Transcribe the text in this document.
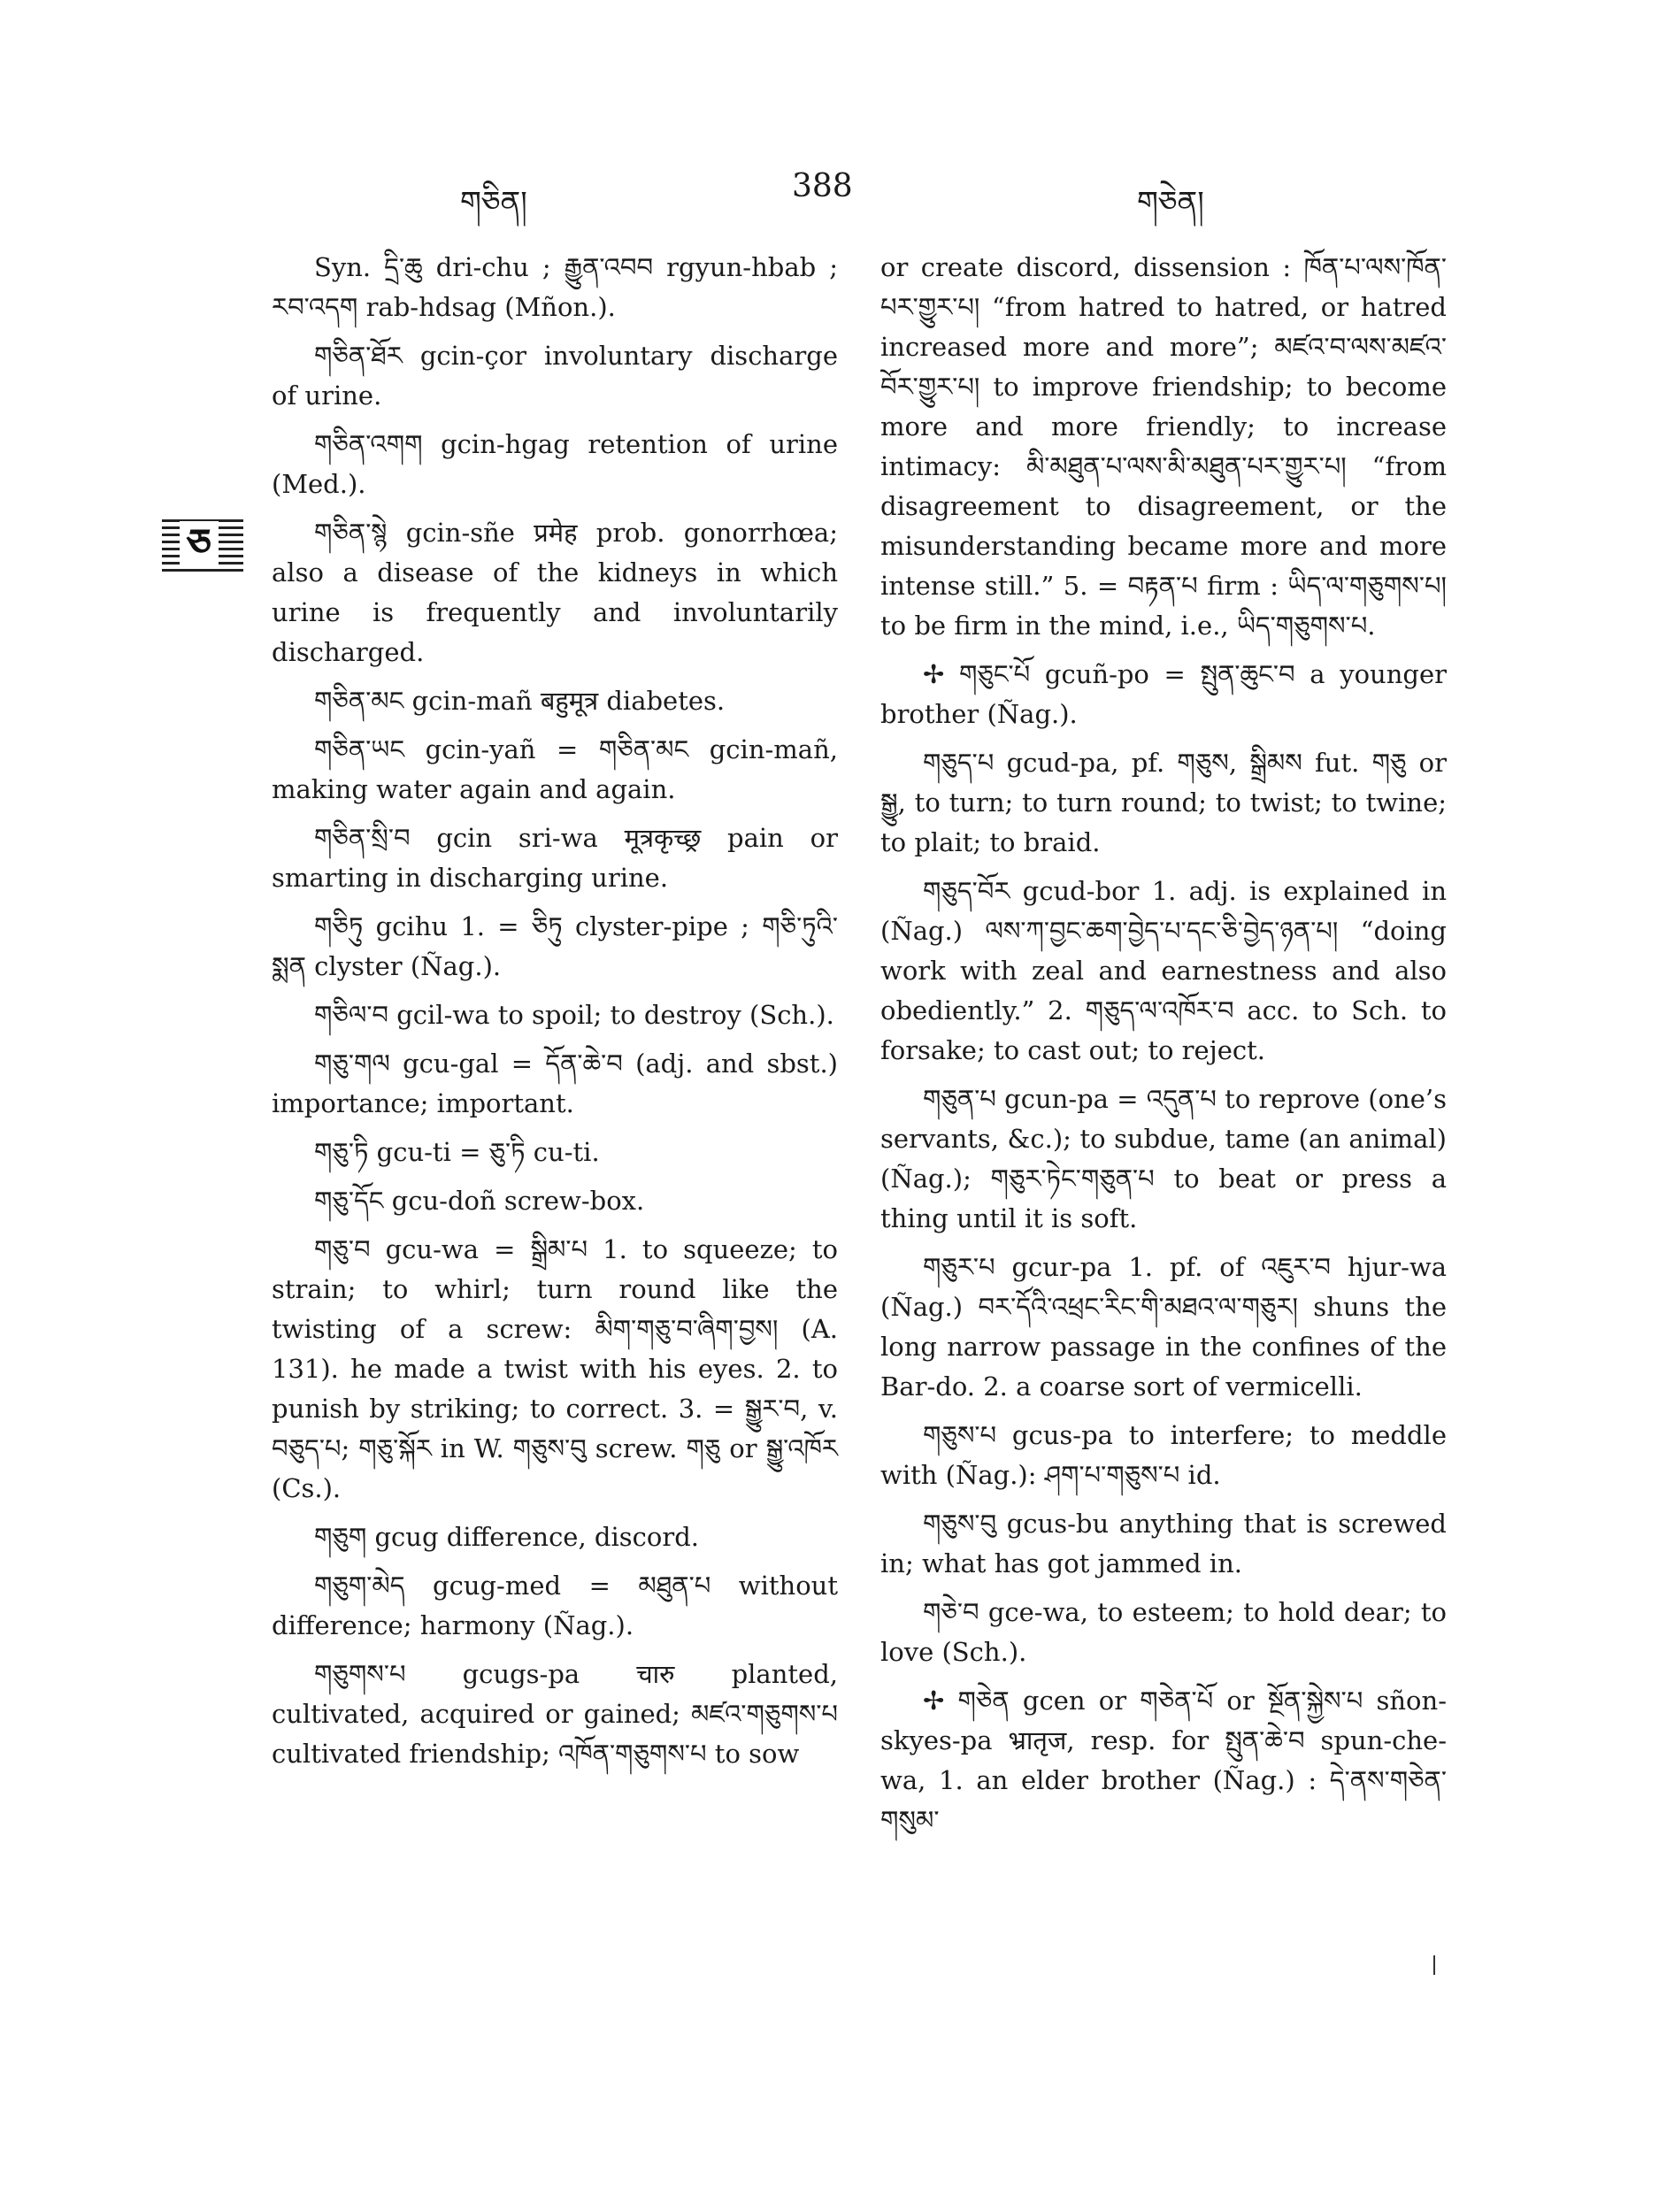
གཅིན།	388	གཅེན།
ཅ

Syn. དྲི་ཆུ dri-chu ; རྒྱུན་འབབ rgyun-hbab ; རབ་འདག rab-hdsag (Mñon.).

གཅིན་ཐོར gcin-çor involuntary discharge of urine.

གཅིན་འགག gcin-hgag retention of urine (Med.).

གཅིན་སྙེ gcin-sñe प्रमेह prob. gonorrhœa; also a disease of the kidneys in which urine is frequently and involuntarily discharged.

གཅིན་མང gcin-mañ बहुमूत्र diabetes.

གཅིན་ཡང gcin-yañ = གཅིན་མང gcin-mañ, making water again and again.

གཅིན་སྲི་བ gcin sri-wa मूत्रकृच्छ्र pain or smarting in discharging urine.

གཅིཏུ gcihu 1. = ཅིཏུ clyster-pipe ; གཅི་ཏུའི་སྨན clyster (Ñag.).

གཅིལ་བ gcil-wa to spoil; to destroy (Sch.).

གཅུ་གལ gcu-gal = དོན་ཆེ་བ (adj. and sbst.) importance; important.

གཅུ་ཏི gcu-ti = ཅུ་ཏི cu-ti.

གཅུ་དོང gcu-doñ screw-box.

གཅུ་བ gcu-wa = སྒྲིམ་པ 1. to squeeze; to strain; to whirl; turn round like the twisting of a screw: མིག་གཅུ་བ་ཞིག་བྱས། (A. 131). he made a twist with his eyes. 2. to punish by striking; to correct. 3. = སྒྱུར་བ, v. བཅུད་པ; གཅུ་སྐོར in W. གཅུས་བུ screw. གཅུ or སྒྱུ་འཁོར (Cs.).

གཅུག gcug difference, discord.

གཅུག་མེད gcug-med = མཐུན་པ without difference; harmony (Ñag.).

གཅུགས་པ gcugs-pa चारु planted, cultivated, acquired or gained; མཛའ་གཅུགས་པ cultivated friendship; འཁོན་གཅུགས་པ to sow

or create discord, dissension : ཁོན་པ་ལས་ཁོན་པར་གྱུར་པ། “from hatred to hatred, or hatred increased more and more”; མཛའ་བ་ལས་མཛའ་བོར་གྱུར་པ། to improve friendship; to become more and more friendly; to increase intimacy: མི་མཐུན་པ་ལས་མི་མཐུན་པར་གྱུར་པ། “from disagreement to disagreement, or the misunderstanding became more and more intense still.” 5. = བརྟན་པ firm : ཡིད་ལ་གཅུགས་པ། to be firm in the mind, i.e., ཡིད་གཅུགས་པ.

✢ གཅུང་པོ gcuñ-po = སྤུན་ཆུང་བ a younger brother (Ñag.).

གཅུད་པ gcud-pa, pf. གཅུས, སྒྲིམས fut. གཅུ or སྒྱུ, to turn; to turn round; to twist; to twine; to plait; to braid.

གཅུད་བོར gcud-bor 1. adj. is explained in (Ñag.) ལས་ཀ་བྱང་ཆག་བྱེད་པ་དང་ཅི་བྱེད་ཉན་པ། “doing work with zeal and earnestness and also obediently.” 2. གཅུད་ལ་འཁོར་བ acc. to Sch. to forsake; to cast out; to reject.

གཅུན་པ gcun-pa = འདུན་པ to reprove (one’s servants, &c.); to subdue, tame (an animal) (Ñag.); གཅུར་ཏེང་གཅུན་པ to beat or press a thing until it is soft.

གཅུར་པ gcur-pa 1. pf. of འཇུར་བ hjur-wa (Ñag.) བར་དོའི་འཕྲང་རིང་གི་མཐའ་ལ་གཅུར། shuns the long narrow passage in the confines of the Bar-do. 2. a coarse sort of vermicelli.

གཅུས་པ gcus-pa to interfere; to meddle with (Ñag.): ཤག་པ་གཅུས་པ id.

གཅུས་བུ gcus-bu anything that is screwed in; what has got jammed in.

གཅེ་བ gce-wa, to esteem; to hold dear; to love (Sch.).

✢ གཅེན gcen or གཅེན་པོ or སྔོན་སྐྱེས་པ sñon-skyes-pa भ्रातृज, resp. for སྤུན་ཆེ་བ spun-che-wa, 1. an elder brother (Ñag.) : དེ་ནས་གཅེན་གསུམ་
